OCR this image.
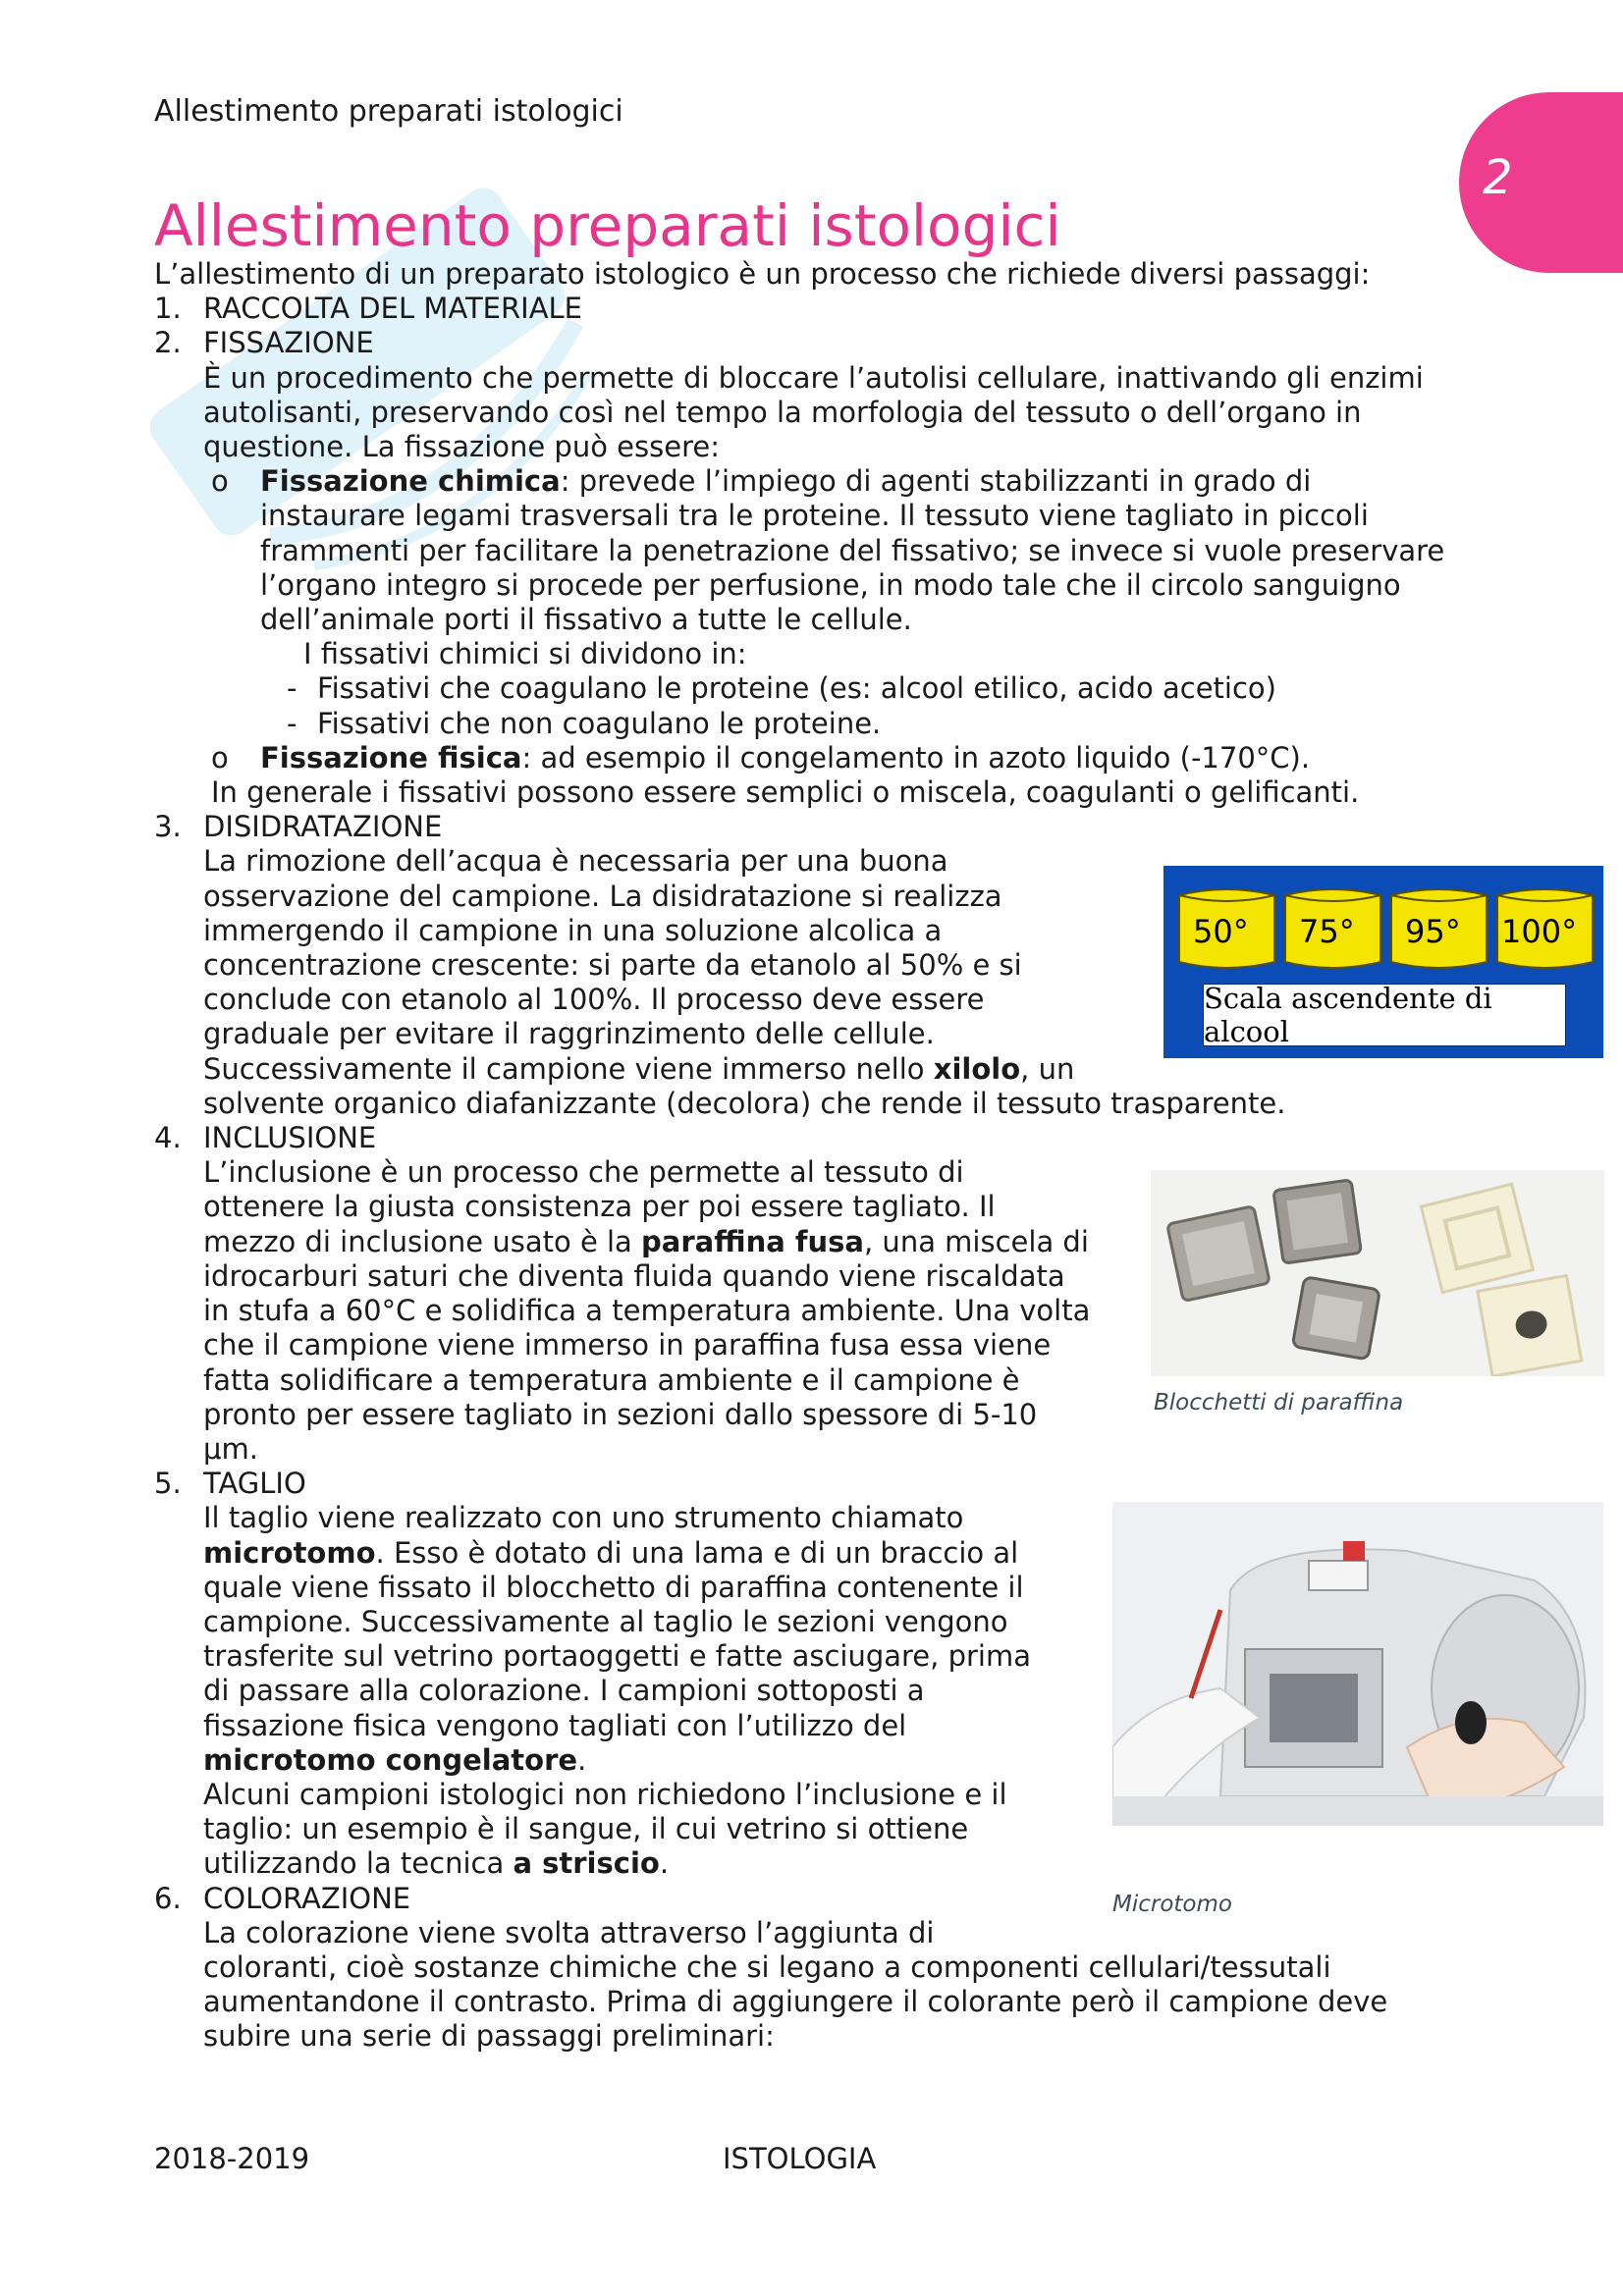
Allestimento preparati istologici
2
Allestimento preparati istologici

L’allestimento di un preparato istologico è un processo che richiede diversi passaggi:

1. RACCOLTA DEL MATERIALE
2. FISSAZIONE
È un procedimento che permette di bloccare l’autolisi cellulare, inattivando gli enzimi autolisanti, preservando così nel tempo la morfologia del tessuto o dell’organo in questione. La fissazione può essere:
o Fissazione chimica: prevede l’impiego di agenti stabilizzanti in grado di instaurare legami trasversali tra le proteine. Il tessuto viene tagliato in piccoli frammenti per facilitare la penetrazione del fissativo; se invece si vuole preservare l’organo integro si procede per perfusione, in modo tale che il circolo sanguigno dell’animale porti il fissativo a tutte le cellule.
I fissativi chimici si dividono in:
- Fissativi che coagulano le proteine (es: alcool etilico, acido acetico)
- Fissativi che non coagulano le proteine.
o Fissazione fisica: ad esempio il congelamento in azoto liquido (-170°C).
In generale i fissativi possono essere semplici o miscela, coagulanti o gelificanti.
3. DISIDRATAZIONE
La rimozione dell’acqua è necessaria per una buona
osservazione del campione. La disidratazione si realizza
immergendo il campione in una soluzione alcolica a
concentrazione crescente: si parte da etanolo al 50% e si
conclude con etanolo al 100%. Il processo deve essere
graduale per evitare il raggrinzimento delle cellule.
Successivamente il campione viene immerso nello xilolo, un
solvente organico diafanizzante (decolora) che rende il tessuto trasparente.
4. INCLUSIONE
L’inclusione è un processo che permette al tessuto di
ottenere la giusta consistenza per poi essere tagliato. Il
mezzo di inclusione usato è la paraffina fusa, una miscela di
idrocarburi saturi che diventa fluida quando viene riscaldata
in stufa a 60°C e solidifica a temperatura ambiente. Una volta
che il campione viene immerso in paraffina fusa essa viene
fatta solidificare a temperatura ambiente e il campione è
pronto per essere tagliato in sezioni dallo spessore di 5-10
μm.
5. TAGLIO
Il taglio viene realizzato con uno strumento chiamato
microtomo. Esso è dotato di una lama e di un braccio al
quale viene fissato il blocchetto di paraffina contenente il
campione. Successivamente al taglio le sezioni vengono
trasferite sul vetrino portaoggetti e fatte asciugare, prima
di passare alla colorazione. I campioni sottoposti a
fissazione fisica vengono tagliati con l’utilizzo del
microtomo congelatore.
Alcuni campioni istologici non richiedono l’inclusione e il
taglio: un esempio è il sangue, il cui vetrino si ottiene
utilizzando la tecnica a striscio.
6. COLORAZIONE
La colorazione viene svolta attraverso l’aggiunta di
coloranti, cioè sostanze chimiche che si legano a componenti cellulari/tessutali
aumentandone il contrasto. Prima di aggiungere il colorante però il campione deve
subire una serie di passaggi preliminari:
50° 75° 95° 100°
Scala ascendente di alcool
Blocchetti di paraffina
Microtomo
2018-2019	ISTOLOGIA
